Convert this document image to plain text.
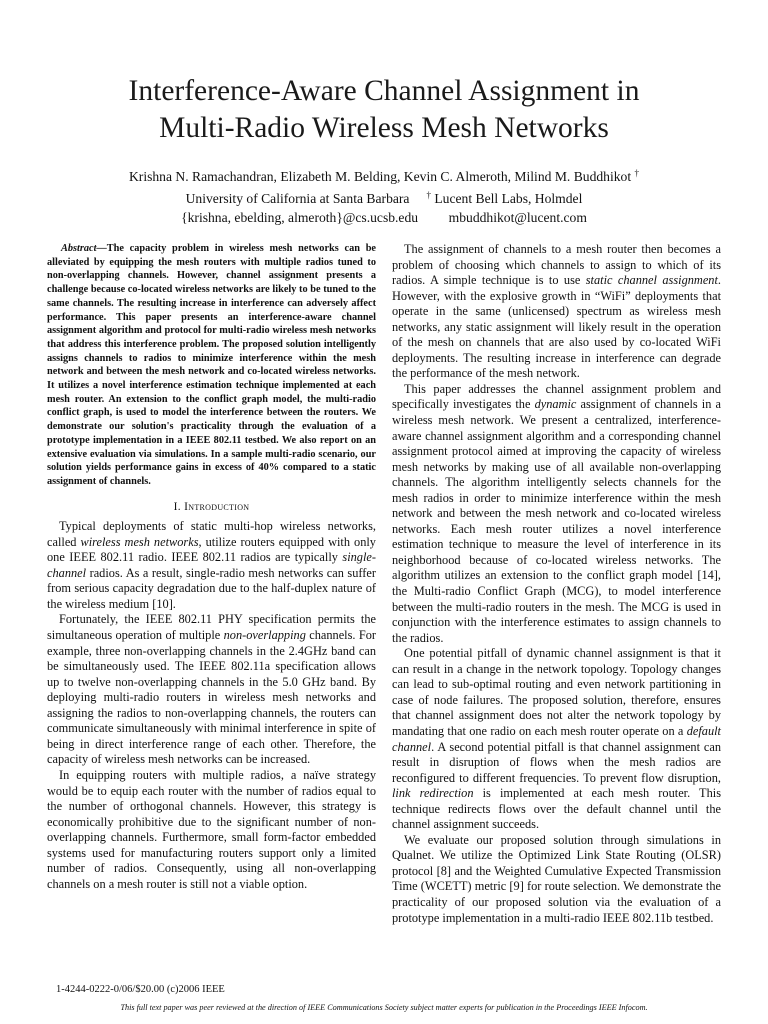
Interference-Aware Channel Assignment in
Multi-Radio Wireless Mesh Networks
Krishna N. Ramachandran, Elizabeth M. Belding, Kevin C. Almeroth, Milind M. Buddhikot †
University of California at Santa Barbara † Lucent Bell Labs, Holmdel
{krishna, ebelding, almeroth}@cs.ucsb.edu mbuddhikot@lucent.com

Abstract—The capacity problem in wireless mesh networks can be alleviated by equipping the mesh routers with multiple radios tuned to non-overlapping channels. However, channel assignment presents a challenge because co-located wireless networks are likely to be tuned to the same channels. The resulting increase in interference can adversely affect performance. This paper presents an interference-aware channel assignment algorithm and protocol for multi-radio wireless mesh networks that address this interference problem. The proposed solution intelligently assigns channels to radios to minimize interference within the mesh network and between the mesh network and co-located wireless networks. It utilizes a novel interference estimation technique implemented at each mesh router. An extension to the conflict graph model, the multi-radio conflict graph, is used to model the interference between the routers. We demonstrate our solution's practicality through the evaluation of a prototype implementation in a IEEE 802.11 testbed. We also report on an extensive evaluation via simulations. In a sample multi-radio scenario, our solution yields performance gains in excess of 40% compared to a static assignment of channels.

I. Introduction

Typical deployments of static multi-hop wireless networks, called wireless mesh networks, utilize routers equipped with only one IEEE 802.11 radio. IEEE 802.11 radios are typically single-channel radios. As a result, single-radio mesh networks can suffer from serious capacity degradation due to the half-duplex nature of the wireless medium [10].

Fortunately, the IEEE 802.11 PHY specification permits the simultaneous operation of multiple non-overlapping channels. For example, three non-overlapping channels in the 2.4GHz band can be simultaneously used. The IEEE 802.11a specification allows up to twelve non-overlapping channels in the 5.0 GHz band. By deploying multi-radio routers in wireless mesh networks and assigning the radios to non-overlapping channels, the routers can communicate simultaneously with minimal interference in spite of being in direct interference range of each other. Therefore, the capacity of wireless mesh networks can be increased.

In equipping routers with multiple radios, a naïve strategy would be to equip each router with the number of radios equal to the number of orthogonal channels. However, this strategy is economically prohibitive due to the significant number of non-overlapping channels. Furthermore, small form-factor embedded systems used for manufacturing routers support only a limited number of radios. Consequently, using all non-overlapping channels on a mesh router is still not a viable option.

The assignment of channels to a mesh router then becomes a problem of choosing which channels to assign to which of its radios. A simple technique is to use static channel assignment. However, with the explosive growth in “WiFi” deployments that operate in the same (unlicensed) spectrum as wireless mesh networks, any static assignment will likely result in the operation of the mesh on channels that are also used by co-located WiFi deployments. The resulting increase in interference can degrade the performance of the mesh network.

This paper addresses the channel assignment problem and specifically investigates the dynamic assignment of channels in a wireless mesh network. We present a centralized, interference-aware channel assignment algorithm and a corresponding channel assignment protocol aimed at improving the capacity of wireless mesh networks by making use of all available non-overlapping channels. The algorithm intelligently selects channels for the mesh radios in order to minimize interference within the mesh network and between the mesh network and co-located wireless networks. Each mesh router utilizes a novel interference estimation technique to measure the level of interference in its neighborhood because of co-located wireless networks. The algorithm utilizes an extension to the conflict graph model [14], the Multi-radio Conflict Graph (MCG), to model interference between the multi-radio routers in the mesh. The MCG is used in conjunction with the interference estimates to assign channels to the radios.

One potential pitfall of dynamic channel assignment is that it can result in a change in the network topology. Topology changes can lead to sub-optimal routing and even network partitioning in case of node failures. The proposed solution, therefore, ensures that channel assignment does not alter the network topology by mandating that one radio on each mesh router operate on a default channel. A second potential pitfall is that channel assignment can result in disruption of flows when the mesh radios are reconfigured to different frequencies. To prevent flow disruption, link redirection is implemented at each mesh router. This technique redirects flows over the default channel until the channel assignment succeeds.

We evaluate our proposed solution through simulations in Qualnet. We utilize the Optimized Link State Routing (OLSR) protocol [8] and the Weighted Cumulative Expected Transmission Time (WCETT) metric [9] for route selection. We demonstrate the practicality of our proposed solution via the evaluation of a prototype implementation in a multi-radio IEEE 802.11b testbed.

1-4244-0222-0/06/$20.00 (c)2006 IEEE
This full text paper was peer reviewed at the direction of IEEE Communications Society subject matter experts for publication in the Proceedings IEEE Infocom.
